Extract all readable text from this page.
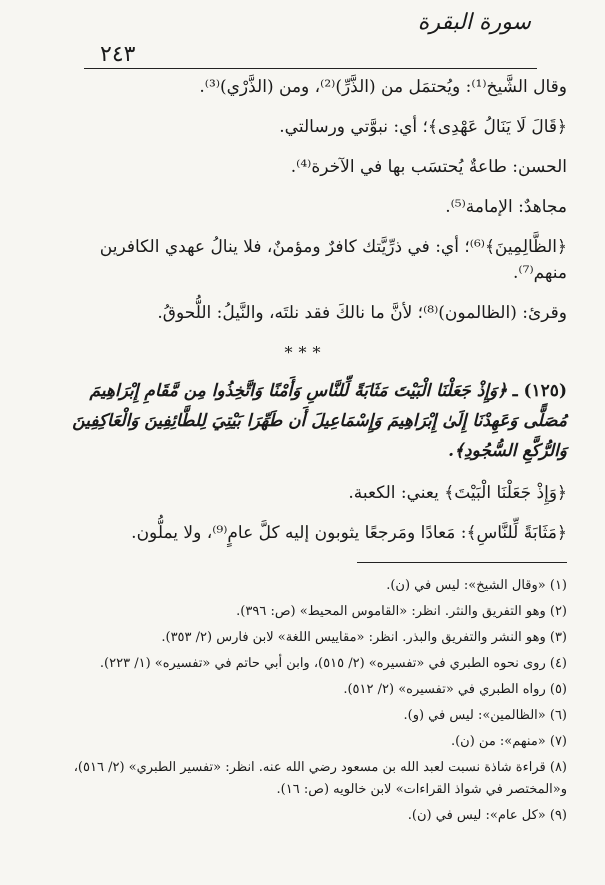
سورة البقرة
٢٤٣

وقال الشَّيخ⁽¹⁾: ويُحتمَل من (الذَّرِّ)⁽²⁾، ومن (الذَّرْي)⁽³⁾.

﴿قَالَ لَا يَنَالُ عَهْدِى﴾؛ أي: نبوَّتي ورسالتي.

الحسن: طاعةٌ يُحتسَب بها في الآخرة⁽⁴⁾.

مجاهدٌ: الإمامة⁽⁵⁾.

﴿الظَّالِمِينَ﴾⁽⁶⁾؛ أي: في ذرِّيَّتك كافرٌ ومؤمنٌ، فلا ينالُ عهدي الكافرين منهم⁽⁷⁾.

وقرئ: (الظالمون)⁽⁸⁾؛ لأنَّ ما نالكَ فقد نلتَه، والنَّيلُ: اللُّحوقُ.

***

(١٢٥) ـ ﴿وَإِذْ جَعَلْنَا الْبَيْتَ مَثَابَةً لِّلنَّاسِ وَأَمْنًا وَاتَّخِذُوا مِن مَّقَامِ إِبْرَاهِيمَ مُصَلًّى وَعَهِدْنَا إِلَىٰ إِبْرَاهِيمَ وَإِسْمَاعِيلَ أَن طَهِّرَا بَيْتِيَ لِلطَّائِفِينَ وَالْعَاكِفِينَ وَالرُّكَّعِ السُّجُودِ﴾.

﴿وَإِذْ جَعَلْنَا الْبَيْتَ﴾ يعني: الكعبة.

﴿مَثَابَةً لِّلنَّاسِ﴾: مَعادًا ومَرجعًا يثوبون إليه كلَّ عامٍ⁽⁹⁾، ولا يملُّون.

(١) «وقال الشيخ»: ليس في (ن).

(٢) وهو التفريق والنثر. انظر: «القاموس المحيط» (ص: ٣٩٦).

(٣) وهو النشر والتفريق والبذر. انظر: «مقاييس اللغة» لابن فارس (٢/ ٣٥٣).

(٤) روى نحوه الطبري في «تفسيره» (٢/ ٥١٥)، وابن أبي حاتم في «تفسيره» (١/ ٢٢٣).

(٥) رواه الطبري في «تفسيره» (٢/ ٥١٢).

(٦) «الظالمين»: ليس في (و).

(٧) «منهم»: من (ن).

(٨) قراءة شاذة نسبت لعبد الله بن مسعود رضي الله عنه. انظر: «تفسير الطبري» (٢/ ٥١٦)، و«المختصر في شواذ القراءات» لابن خالويه (ص: ١٦).

(٩) «كل عام»: ليس في (ن).
